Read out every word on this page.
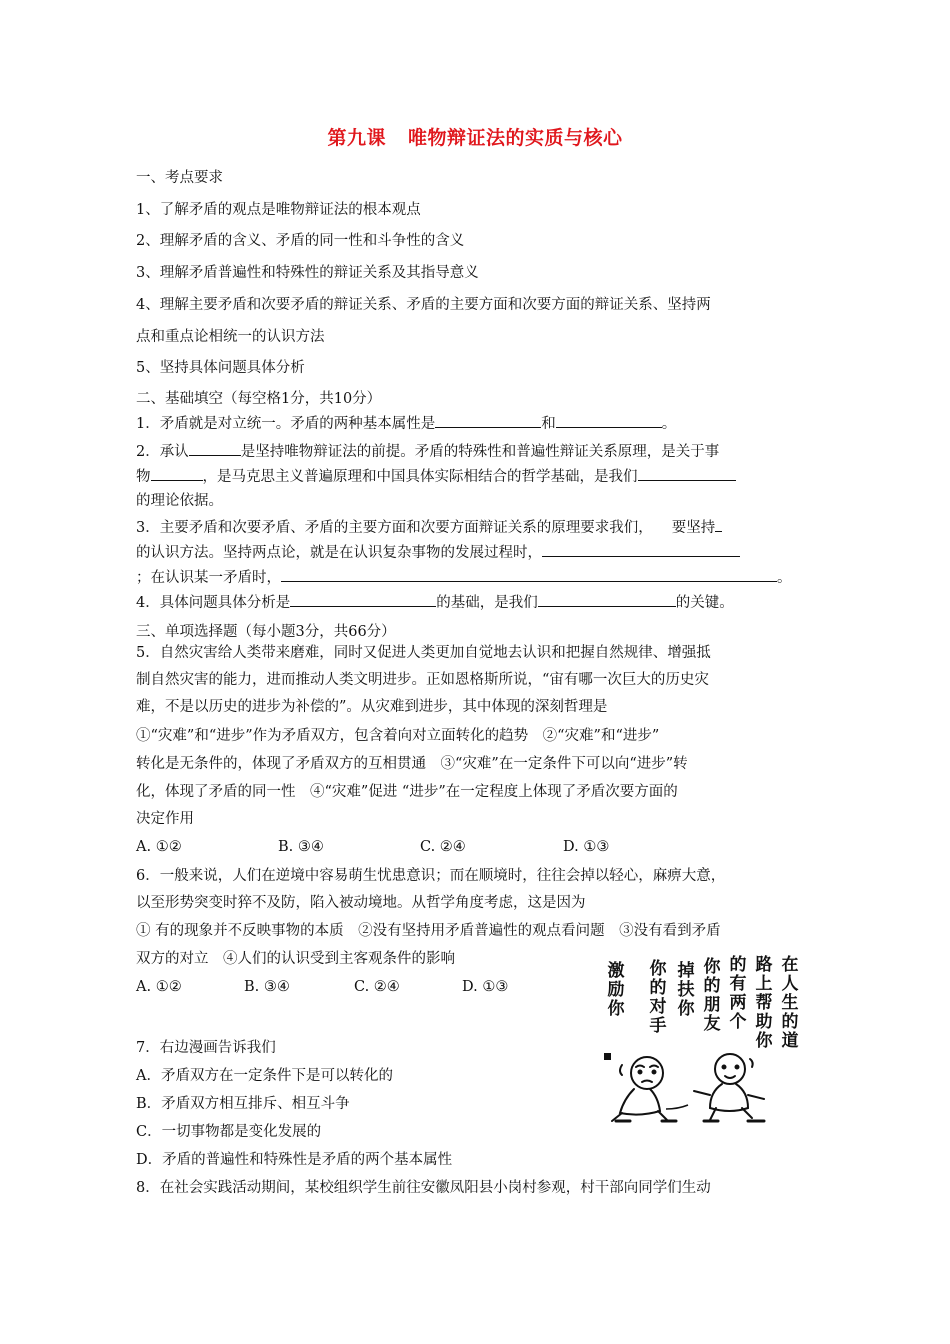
第九课 唯物辩证法的实质与核心
一、考点要求
1、了解矛盾的观点是唯物辩证法的根本观点
2、理解矛盾的含义、矛盾的同一性和斗争性的含义
3、理解矛盾普遍性和特殊性的辩证关系及其指导意义
4、理解主要矛盾和次要矛盾的辩证关系、矛盾的主要方面和次要方面的辩证关系、坚持两
点和重点论相统一的认识方法
5、坚持具体问题具体分析
二、基础填空（每空格1分，共10分）
1．矛盾就是对立统一。矛盾的两种基本属性是	和	。
2．承认	是坚持唯物辩证法的前提。矛盾的特殊性和普遍性辩证关系原理，是关于事
物	，是马克思主义普遍原理和中国具体实际相结合的哲学基础，是我们
的理论依据。
3．主要矛盾和次要矛盾、矛盾的主要方面和次要方面辩证关系的原理要求我们， 要坚持
的认识方法。坚持两点论，就是在认识复杂事物的发展过程时，
；在认识某一矛盾时，	。
4．具体问题具体分析是	的基础，是我们	的关键。
三、单项选择题（每小题3分，共66分）
5．自然灾害给人类带来磨难，同时又促进人类更加自觉地去认识和把握自然规律、增强抵
制自然灾害的能力，进而推动人类文明进步。正如恩格斯所说，“宙有哪一次巨大的历史灾
难，不是以历史的进步为补偿的”。从灾难到进步，其中体现的深刻哲理是
①“灾难”和“进步”作为矛盾双方，包含着向对立面转化的趋势　②“灾难”和“进步”
转化是无条件的，体现了矛盾双方的互相贯通　③“灾难”在一定条件下可以向“进步”转
化，体现了矛盾的同一性　④“灾难”促进 “进步”在一定程度上体现了矛盾次要方面的
决定作用
A. ①②	B. ③④	C. ②④	D. ①③
6．一般来说，人们在逆境中容易萌生忧患意识；而在顺境时，往往会掉以轻心，麻痹大意，
以至形势突变时猝不及防，陷入被动境地。从哲学角度考虑，这是因为
① 有的现象并不反映事物的本质　②没有坚持用矛盾普遍性的观点看问题　③没有看到矛盾
双方的对立　④人们的认识受到主客观条件的影响
A. ①②	B. ③④	C. ②④	D. ①③
7．右边漫画告诉我们
A．矛盾双方在一定条件下是可以转化的
B．矛盾双方相互排斥、相互斗争
C．一切事物都是变化发展的
D．矛盾的普遍性和特殊性是矛盾的两个基本属性
8．在社会实践活动期间，某校组织学生前往安徽凤阳县小岗村参观，村干部向同学们生动
在人生的道
路上帮助你
的有两个
你的朋友
掉扶你
你的对手
激励你
